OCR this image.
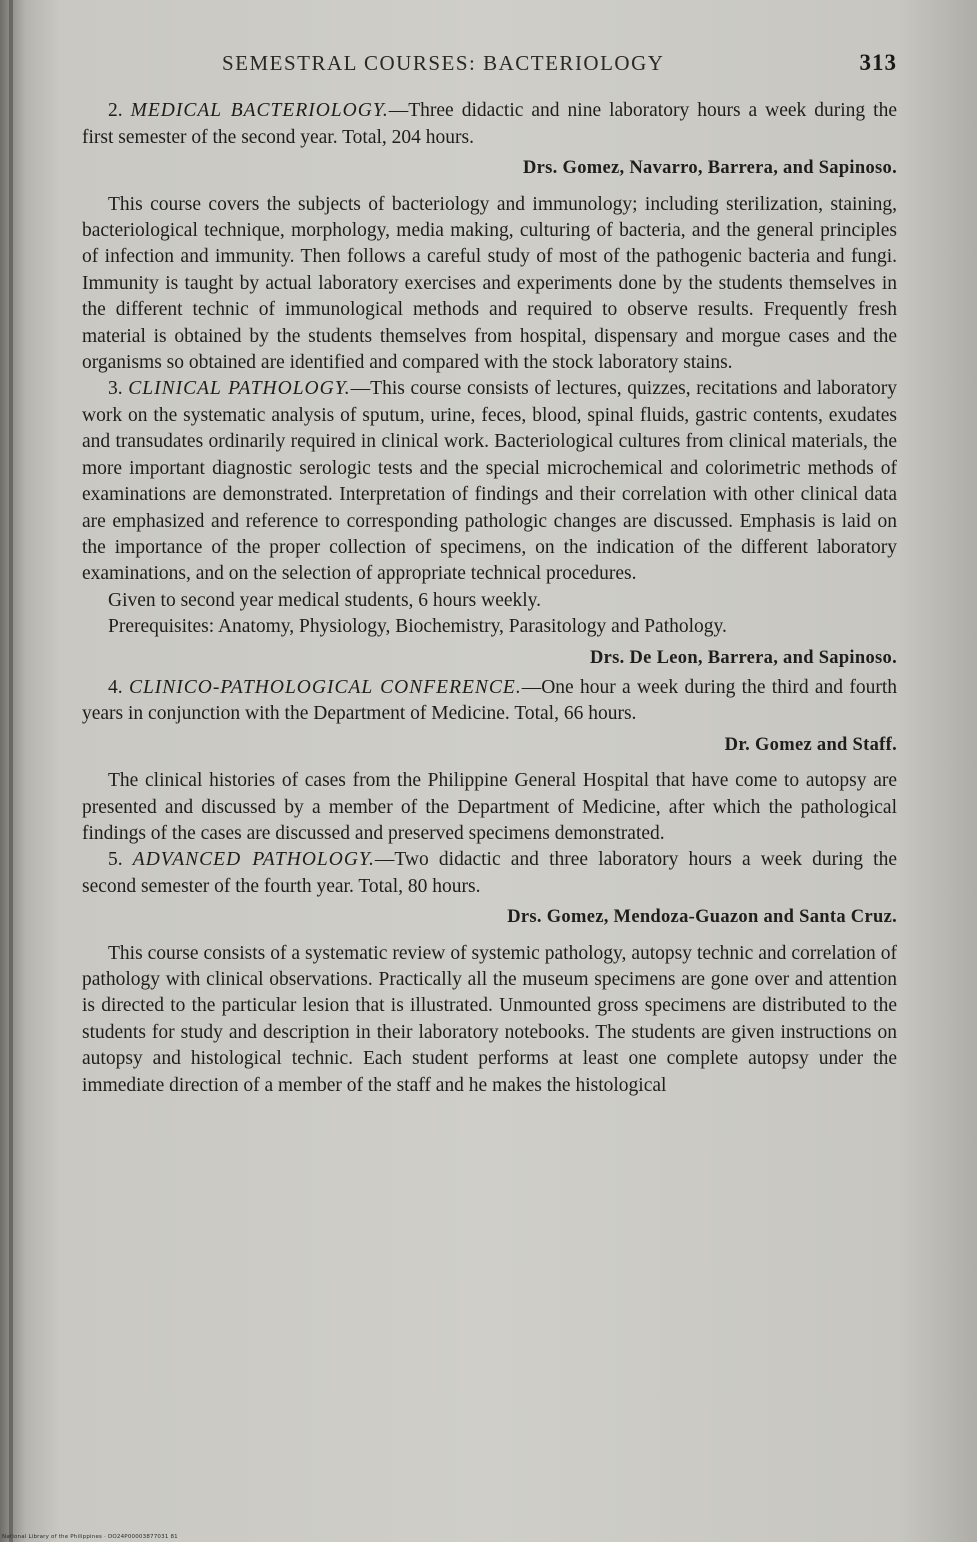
SEMESTRAL COURSES: BACTERIOLOGY	313

2. MEDICAL BACTERIOLOGY.—Three didactic and nine laboratory hours a week during the first semester of the second year. Total, 204 hours.

Drs. Gomez, Navarro, Barrera, and Sapinoso.

This course covers the subjects of bacteriology and immunology; including sterilization, staining, bacteriological technique, morphology, media making, culturing of bacteria, and the general principles of infection and immunity. Then follows a careful study of most of the pathogenic bacteria and fungi. Immunity is taught by actual laboratory exercises and experiments done by the students themselves in the different technic of immunological methods and required to observe results. Frequently fresh material is obtained by the students themselves from hospital, dispensary and morgue cases and the organisms so obtained are identified and compared with the stock laboratory stains.

3. CLINICAL PATHOLOGY.—This course consists of lectures, quizzes, recitations and laboratory work on the systematic analysis of sputum, urine, feces, blood, spinal fluids, gastric contents, exudates and transudates ordinarily required in clinical work. Bacteriological cultures from clinical materials, the more important diagnostic serologic tests and the special microchemical and colorimetric methods of examinations are demonstrated. Interpretation of findings and their correlation with other clinical data are emphasized and reference to corresponding pathologic changes are discussed. Emphasis is laid on the importance of the proper collection of specimens, on the indication of the different laboratory examinations, and on the selection of appropriate technical procedures.

Given to second year medical students, 6 hours weekly.

Prerequisites: Anatomy, Physiology, Biochemistry, Parasitology and Pathology.

Drs. De Leon, Barrera, and Sapinoso.

4. CLINICO-PATHOLOGICAL CONFERENCE.—One hour a week during the third and fourth years in conjunction with the Department of Medicine. Total, 66 hours.

Dr. Gomez and Staff.

The clinical histories of cases from the Philippine General Hospital that have come to autopsy are presented and discussed by a member of the Department of Medicine, after which the pathological findings of the cases are discussed and preserved specimens demonstrated.

5. ADVANCED PATHOLOGY.—Two didactic and three laboratory hours a week during the second semester of the fourth year. Total, 80 hours.

Drs. Gomez, Mendoza-Guazon and Santa Cruz.

This course consists of a systematic review of systemic pathology, autopsy technic and correlation of pathology with clinical observations. Practically all the museum specimens are gone over and attention is directed to the particular lesion that is illustrated. Unmounted gross specimens are distributed to the students for study and description in their laboratory notebooks. The students are given instructions on autopsy and histological technic. Each student performs at least one complete autopsy under the immediate direction of a member of the staff and he makes the histological

National Library of the Philippines · DO24P00003877031 81
